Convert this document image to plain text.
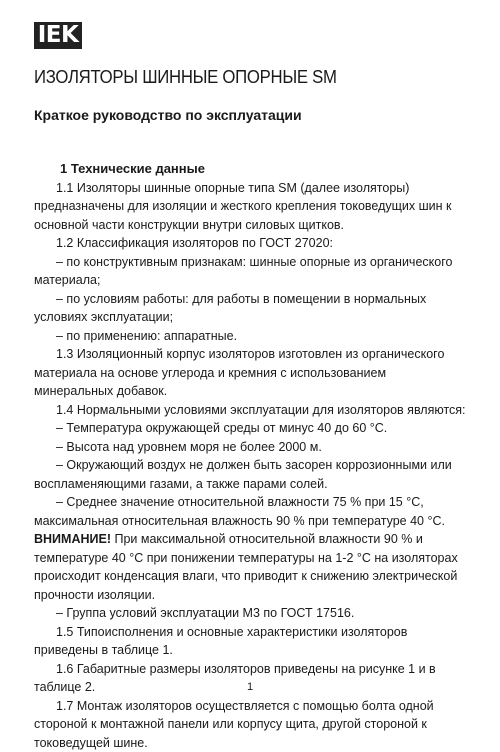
IEK
ИЗОЛЯТОРЫ ШИННЫЕ ОПОРНЫЕ SM
Краткое руководство по эксплуатации

1 Технические данные

1.1 Изоляторы шинные опорные типа SM (далее изоляторы) предназначены для изоляции и жесткого крепления токоведущих шин к основной части конструкции внутри силовых щитков.

1.2 Классификация изоляторов по ГОСТ 27020:

– по конструктивным признакам: шинные опорные из органического материала;

– по условиям работы: для работы в помещении в нормальных условиях эксплуатации;

– по применению: аппаратные.

1.3 Изоляционный корпус изоляторов изготовлен из органического материала на основе углерода и кремния с использованием минеральных добавок.

1.4 Нормальными условиями эксплуатации для изоляторов являются:

– Температура окружающей среды от минус 40 до 60 °С.

– Высота над уровнем моря не более 2000 м.

– Окружающий воздух не должен быть засорен коррозионными или воспламеняющими газами, а также парами солей.

– Среднее значение относительной влажности 75 % при 15 °С, максимальная относительная влажность 90 % при температуре 40 °С.

ВНИМАНИЕ! При максимальной относительной влажности 90 % и температуре 40 °С при понижении температуры на 1-2 °С на изоляторах происходит конденсация влаги, что приводит к снижению электрической прочности изоляции.

– Группа условий эксплуатации М3 по ГОСТ 17516.

1.5 Типоисполнения и основные характеристики изоляторов приведены в таблице 1.

1.6 Габаритные размеры изоляторов приведены на рисунке 1 и в таблице 2.

1.7 Монтаж изоляторов осуществляется с помощью болта одной стороной к монтажной панели или корпусу щита, другой стороной к токоведущей шине.

1
